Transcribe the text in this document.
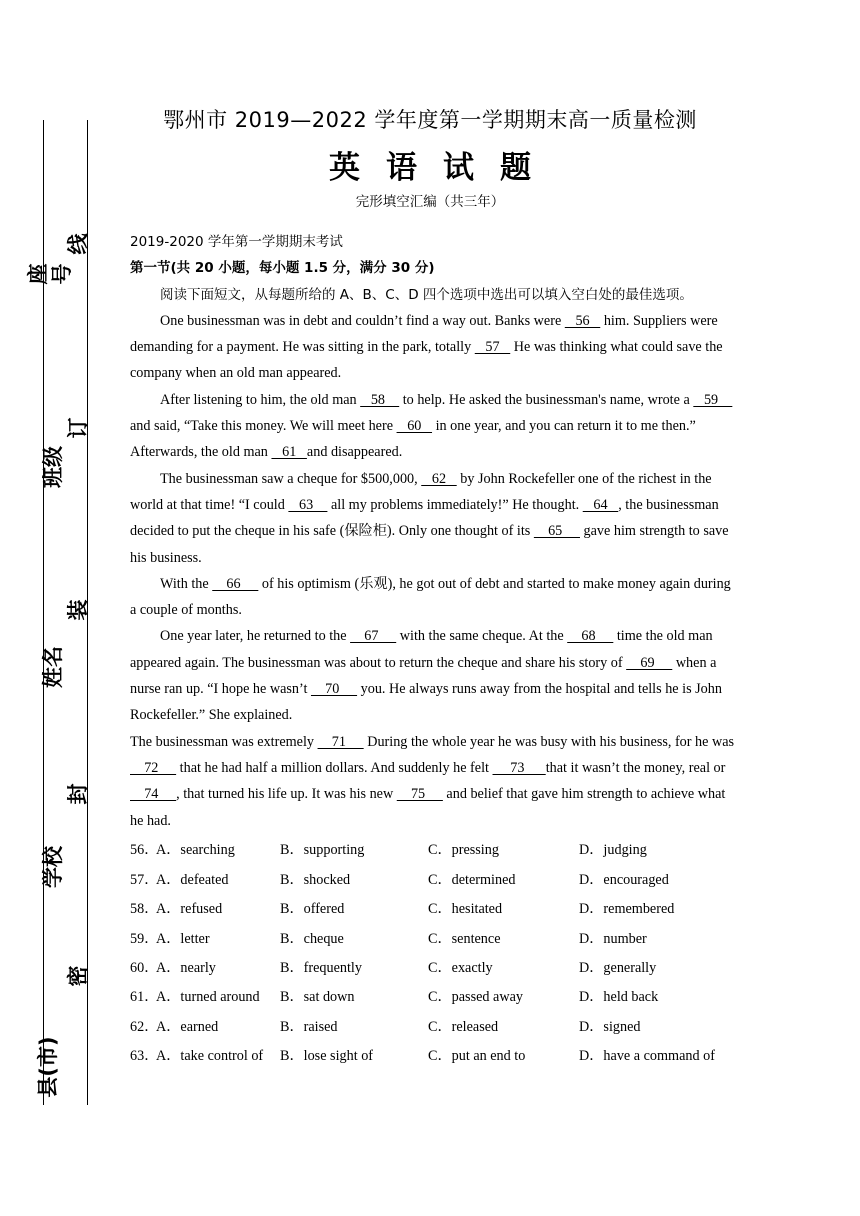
座号
班级
姓名
学校
县(市)
线
订
装
封
密
鄂州市 2019—2022 学年度第一学期期末高一质量检测
英语试题
完形填空汇编（共三年）

2019-2020 学年第一学期期末考试

第一节(共 20 小题，每小题 1.5 分，满分 30 分)

阅读下面短文，从每题所给的 A、B、C、D 四个选项中选出可以填入空白处的最佳选项。

One businessman was in debt and couldn’t find a way out. Banks were    56    him. Suppliers were demanding for a payment. He was sitting in the park, totally    57    He was thinking what could save the company when an old man appeared.

After listening to him, the old man    58     to help. He asked the businessman's name, wrote a    59     and said, “Take this money. We will meet here    60    in one year, and you can return it to me then.” Afterwards, the old man    61   and disappeared.

The businessman saw a cheque for $500,000,    62    by John Rockefeller one of the richest in the world at that time! “I could    63     all my problems immediately!” He thought.    64   , the businessman decided to put the cheque in his safe (保险柜). Only one thought of its     65      gave him strength to save his business.

With the     66      of his optimism (乐观), he got out of debt and started to make money again during a couple of months.

One year later, he returned to the     67      with the same cheque. At the     68      time the old man appeared again. The businessman was about to return the cheque and share his story of     69      when a nurse ran up. “I hope he wasn’t     70      you. He always runs away from the hospital and tells he is John Rockefeller.” She explained.

The businessman was extremely     71      During the whole year he was busy with his business, for he was     72      that he had half a million dollars. And suddenly he felt      73      that it wasn’t the money, real or     74     , that turned his life up. It was his new     75      and belief that gave him strength to achieve what he had.

56．
A．searching	B．supporting	C．pressing	D．judging
57．
A．defeated	B．shocked	C．determined	D．encouraged
58．
A．refused	B．offered	C．hesitated	D．remembered
59．
A．letter	B．cheque	C．sentence	D．number
60．
A．nearly	B．frequently	C．exactly	D．generally
61．
A．turned around B．sat down	C．passed away	D．held back
62．
A．earned	B．raised	C．released	D．signed
63．
A．take control of B．lose sight of	C．put an end to	D．have a command of
